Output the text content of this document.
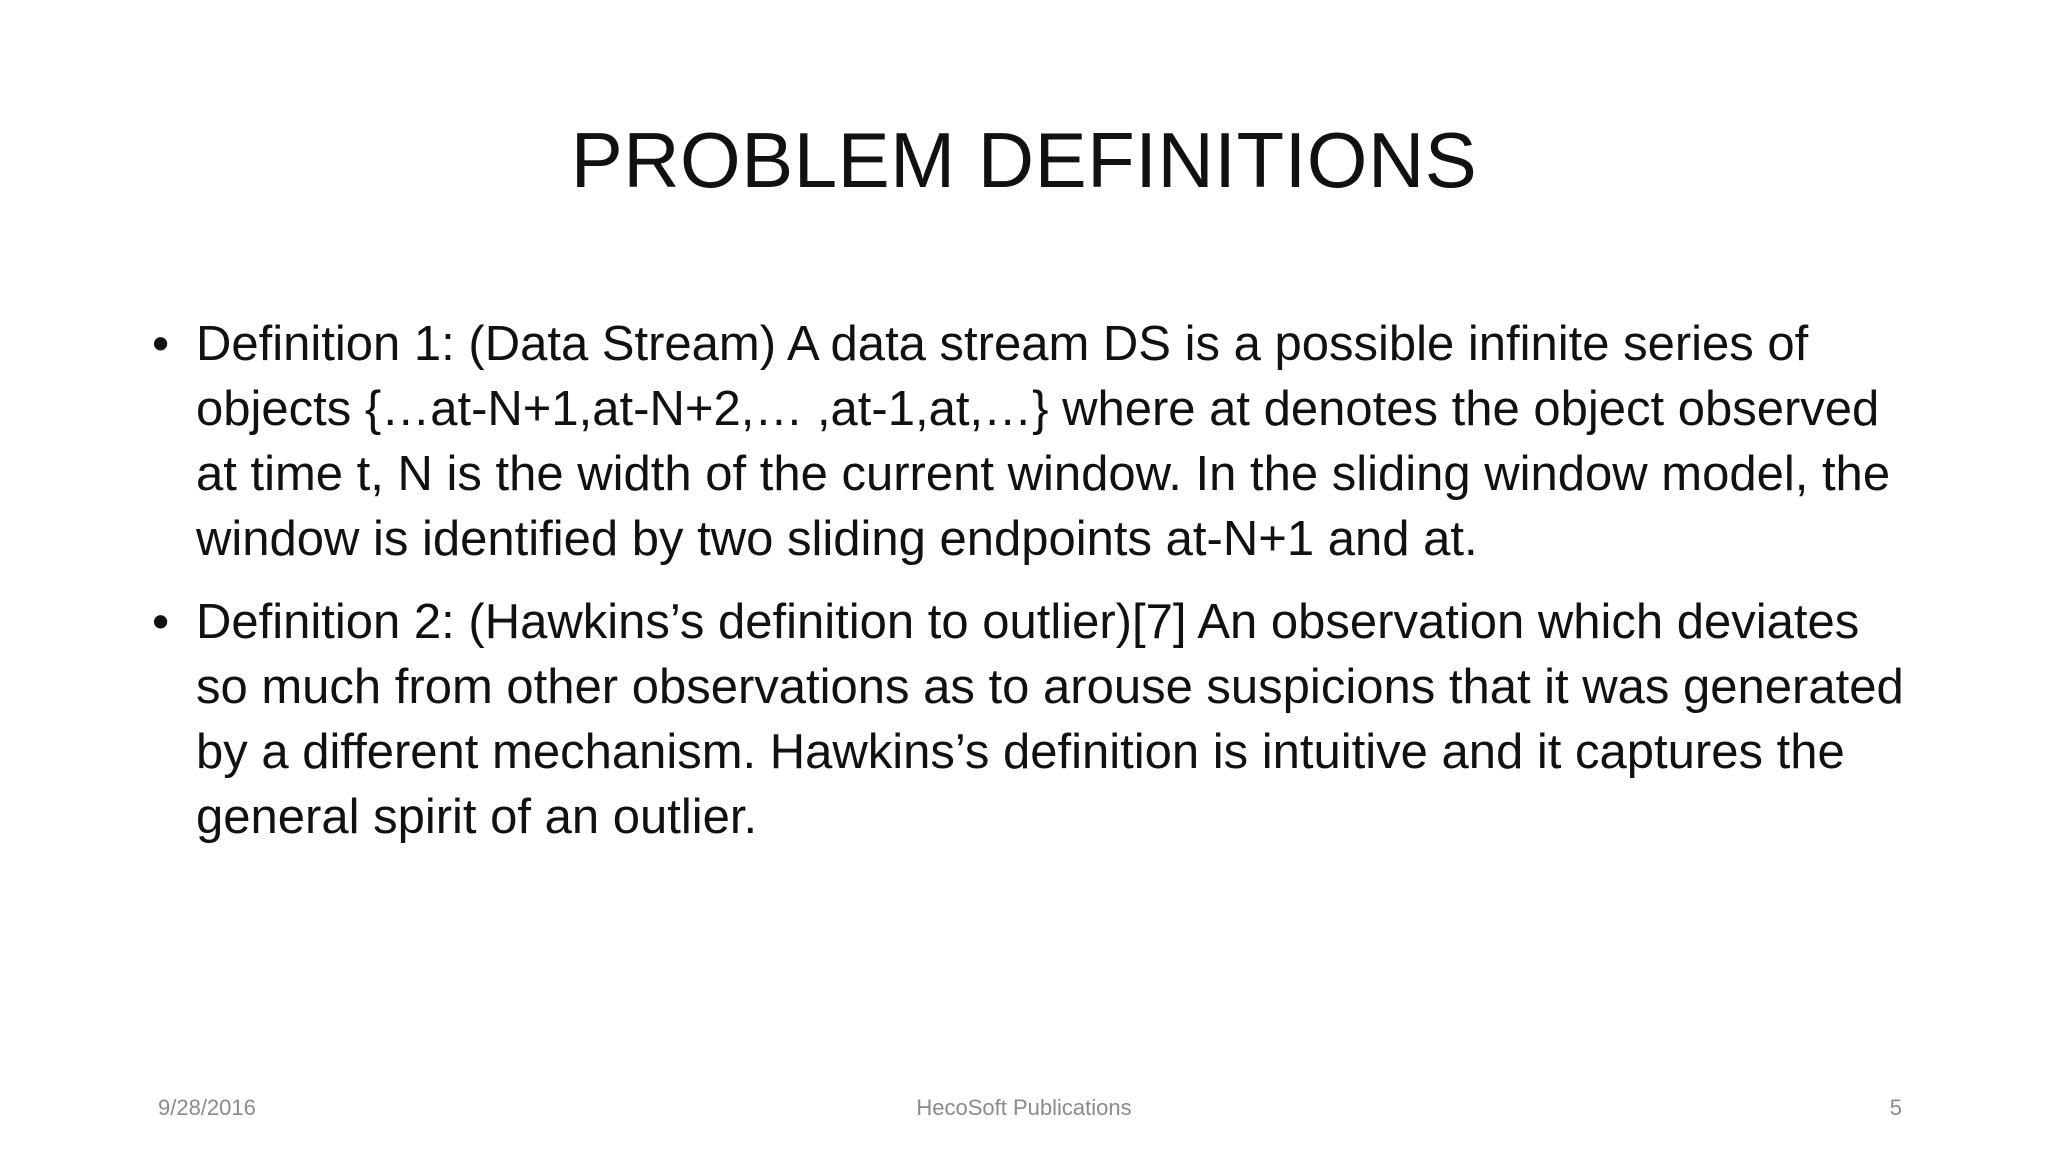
PROBLEM DEFINITIONS
• Definition 1: (Data Stream) A data stream DS is a possible infinite series of objects {…at-N+1,at-N+2,… ,at-1,at,…} where at denotes the object observed at time t, N is the width of the current window. In the sliding window model, the window is identified by two sliding endpoints at-N+1 and at.
• Definition 2: (Hawkins’s definition to outlier)[7] An observation which deviates so much from other observations as to arouse suspicions that it was generated by a different mechanism. Hawkins’s definition is intuitive and it captures the general spirit of an outlier.
9/28/2016	HecoSoft Publications	5
